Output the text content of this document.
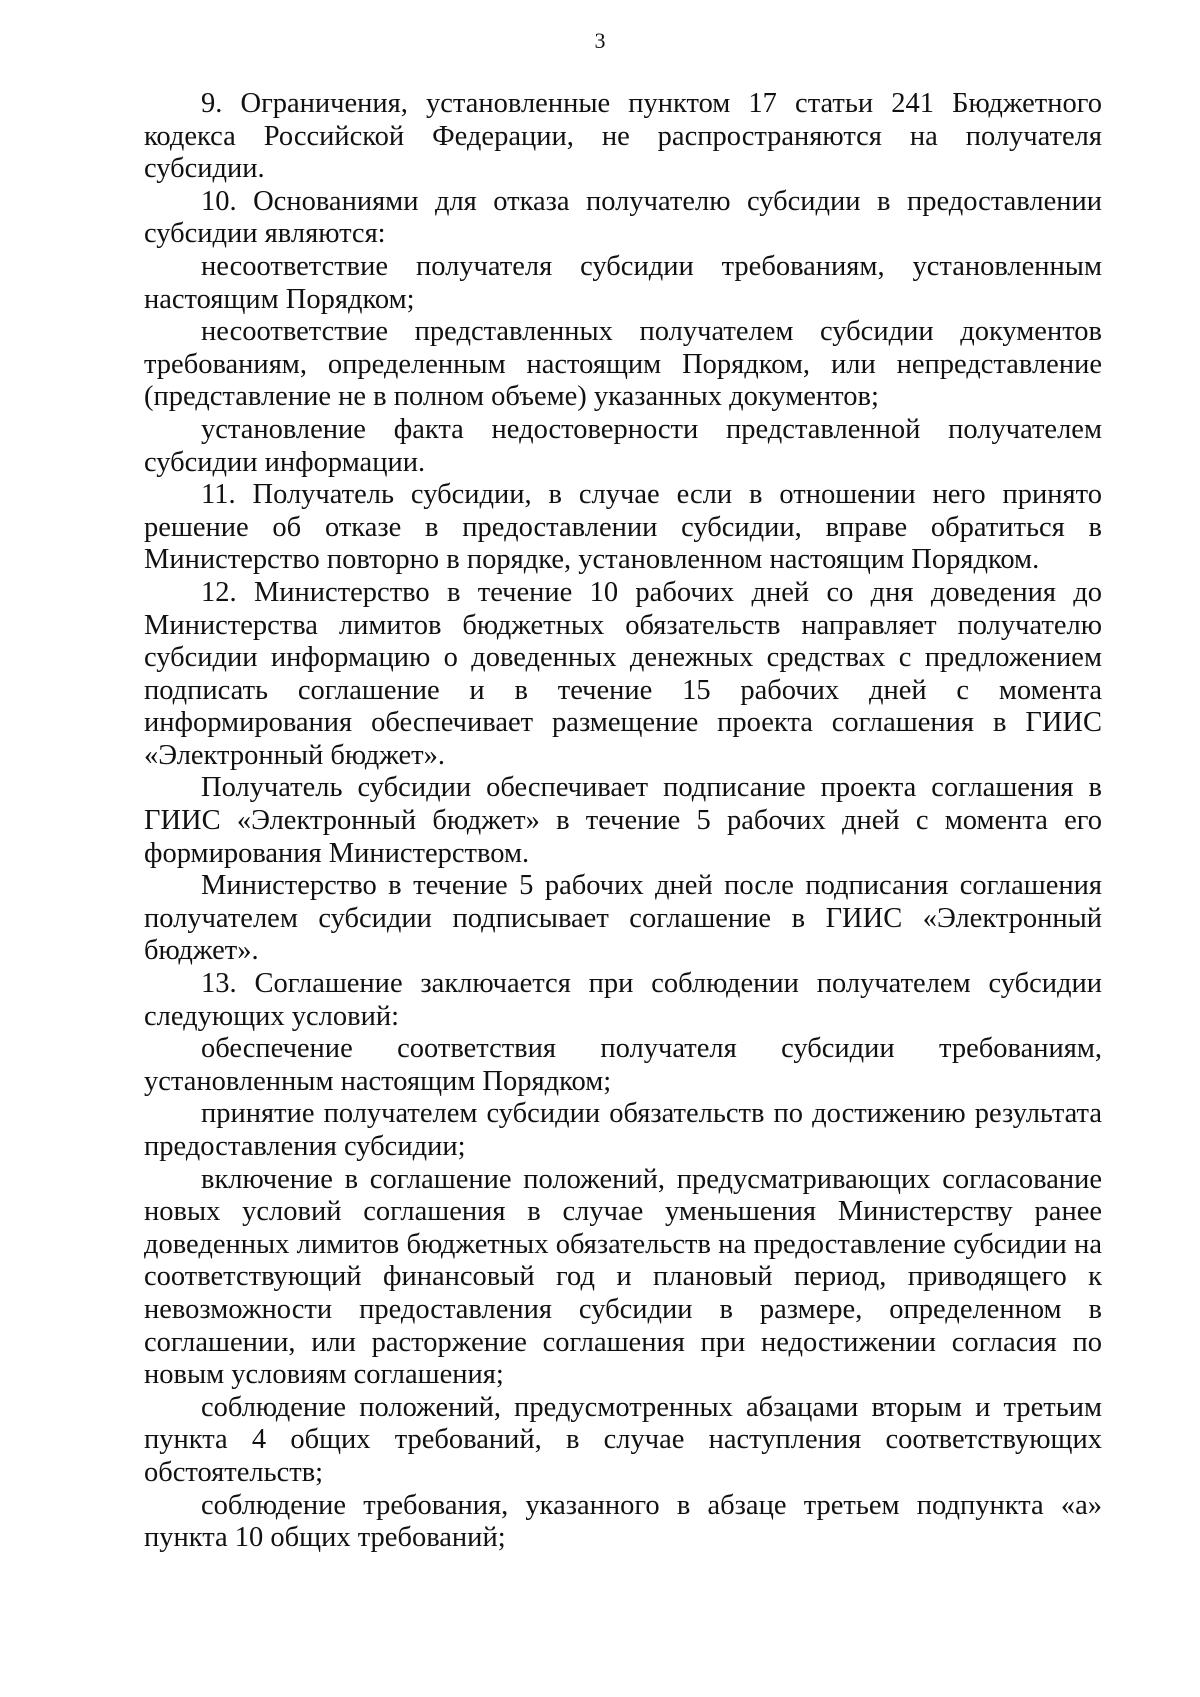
3

9. Ограничения, установленные пунктом 17 статьи 241 Бюджетного кодекса Российской Федерации, не распространяются на получателя субсидии.

10. Основаниями для отказа получателю субсидии в предоставлении субсидии являются:

несоответствие получателя субсидии требованиям, установленным настоящим Порядком;

несоответствие представленных получателем субсидии документов требованиям, определенным настоящим Порядком, или непредставление (представление не в полном объеме) указанных документов;

установление факта недостоверности представленной получателем субсидии информации.

11. Получатель субсидии, в случае если в отношении него принято решение об отказе в предоставлении субсидии, вправе обратиться в Министерство повторно в порядке, установленном настоящим Порядком.

12. Министерство в течение 10 рабочих дней со дня доведения до Министерства лимитов бюджетных обязательств направляет получателю субсидии информацию о доведенных денежных средствах с предложением подписать соглашение и в течение 15 рабочих дней с момента информирования обеспечивает размещение проекта соглашения в ГИИС «Электронный бюджет».

Получатель субсидии обеспечивает подписание проекта соглашения в ГИИС «Электронный бюджет» в течение 5 рабочих дней с момента его формирования Министерством.

Министерство в течение 5 рабочих дней после подписания соглашения получателем субсидии подписывает соглашение в ГИИС «Электронный бюджет».

13. Соглашение заключается при соблюдении получателем субсидии следующих условий:

обеспечение соответствия получателя субсидии требованиям, установленным настоящим Порядком;

принятие получателем субсидии обязательств по достижению результата предоставления субсидии;

включение в соглашение положений, предусматривающих согласование новых условий соглашения в случае уменьшения Министерству ранее доведенных лимитов бюджетных обязательств на предоставление субсидии на соответствующий финансовый год и плановый период, приводящего к невозможности предоставления субсидии в размере, определенном в соглашении, или расторжение соглашения при недостижении согласия по новым условиям соглашения;

соблюдение положений, предусмотренных абзацами вторым и третьим пункта 4 общих требований, в случае наступления соответствующих обстоятельств;

соблюдение требования, указанного в абзаце третьем подпункта «а» пункта 10 общих требований;
